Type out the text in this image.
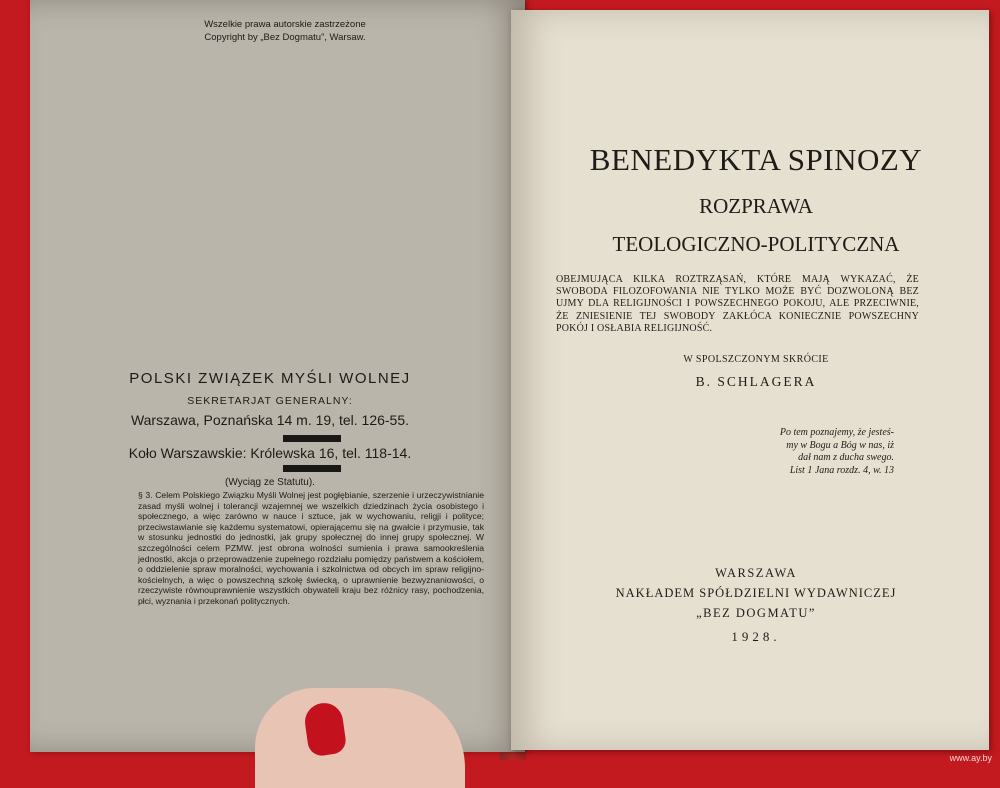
Wszelkie prawa autorskie zastrzeżone
Copyright by „Bez Dogmatu”, Warsaw.
POLSKI ZWIĄZEK MYŚLI WOLNEJ
SEKRETARJAT GENERALNY:
Warszawa, Poznańska 14 m. 19, tel. 126-55.
Koło Warszawskie: Królewska 16, tel. 118-14.
(Wyciąg ze Statutu).
§ 3. Celem Polskiego Związku Myśli Wolnej jest pogłębianie, szerzenie i urzeczywistnianie zasad myśli wolnej i tolerancji wzajemnej we wszelkich dziedzinach życia osobistego i społecznego, a więc zarówno w nauce i sztuce, jak w wychowaniu, religji i polityce; przeciwstawianie się każdemu systematowi, opierającemu się na gwałcie i przymusie, tak w stosunku jednostki do jednostki, jak grupy społecznej do innej grupy społecznej. W szczególności celem PZMW. jest obrona wolności sumienia i prawa samookreślenia jednostki, akcja o przeprowadzenie zupełnego rozdziału pomiędzy państwem a kościołem, o oddzielenie spraw moralności, wychowania i szkolnictwa od obcych im spraw religijno-kościelnych, a więc o powszechną szkołę świecką, o uprawnienie bezwyznaniowości, o rzeczywiste równouprawnienie wszystkich obywateli kraju bez różnicy rasy, pochodzenia, płci, wyznania i przekonań politycznych.
BENEDYKTA SPINOZY
ROZPRAWA
TEOLOGICZNO-POLITYCZNA
OBEJMUJĄCA KILKA ROZTRZĄSAŃ, KTÓRE MAJĄ WYKAZAĆ, ŻE SWOBODA FILOZOFOWANIA NIE TYLKO MOŻE BYĆ DOZWOLONĄ BEZ UJMY DLA RELIGIJNOŚCI I POWSZECHNEGO POKOJU, ALE PRZECIWNIE, ŻE ZNIESIENIE TEJ SWOBODY ZAKŁÓCA KONIECZNIE POWSZECHNY POKÓJ I OSŁABIA RELIGIJNOŚĆ.
W SPOLSZCZONYM SKRÓCIE
B. SCHLAGERA
Po tem poznajemy, że jesteś-
my w Bogu a Bóg w nas, iż
dał nam z ducha swego.
List 1 Jana rozdz. 4, w. 13
WARSZAWA
NAKŁADEM SPÓŁDZIELNI WYDAWNICZEJ
„BEZ DOGMATU”
1928.
www.ay.by
